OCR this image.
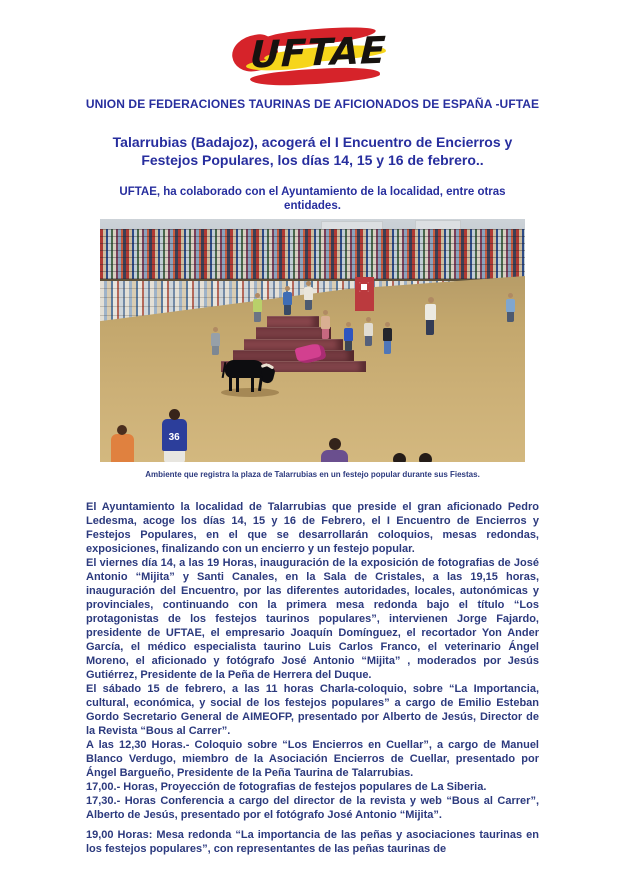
UFTAE
UNION DE FEDERACIONES TAURINAS DE AFICIONADOS DE ESPAÑA -UFTAE
Talarrubias (Badajoz), acogerá el I Encuentro de Encierros y Festejos Populares, los días 14, 15 y 16 de febrero..
UFTAE, ha colaborado con el Ayuntamiento de la localidad, entre otras entidades.
36
Ambiente que registra la plaza de Talarrubias en un festejo popular durante sus Fiestas.

El Ayuntamiento la localidad de Talarrubias que preside el gran aficionado Pedro Ledesma, acoge los días 14, 15 y 16 de Febrero, el I Encuentro de Encierros y Festejos Populares, en el que se desarrollarán coloquios, mesas redondas, exposiciones, finalizando con un encierro y un festejo popular.

El viernes día 14, a las 19 Horas, inauguración de la exposición de fotografias de José Antonio “Mijita” y Santi Canales, en la Sala de Cristales, a las 19,15 horas, inauguración del Encuentro, por las diferentes autoridades, locales, autonómicas y provinciales, continuando con la primera mesa redonda bajo el título “Los protagonistas de los festejos taurinos populares”, intervienen Jorge Fajardo, presidente de UFTAE, el empresario Joaquín Domínguez, el recortador Yon Ander García, el médico especialista taurino Luis Carlos Franco, el veterinario Ángel Moreno, el aficionado y fotógrafo José Antonio “Mijita” , moderados por Jesús Gutiérrez, Presidente de la Peña de Herrera del Duque.

El sábado 15 de febrero, a las 11 horas Charla-coloquio, sobre “La Importancia, cultural, económica, y social de los festejos populares” a cargo de Emilio Esteban Gordo Secretario General de AIMEOFP, presentado por Alberto de Jesús, Director de la Revista “Bous al Carrer”.

A las 12,30 Horas.- Coloquio sobre “Los Encierros en Cuellar”, a cargo de Manuel Blanco Verdugo, miembro de la Asociación Encierros de Cuellar, presentado por Ángel Bargueño, Presidente de la Peña Taurina de Talarrubias.

17,00.- Horas, Proyección de fotografias de festejos populares de La Siberia.

17,30.- Horas Conferencia a cargo del director de la revista y web “Bous al Carrer”, Alberto de Jesús, presentado por el fotógrafo José Antonio “Mijita”.

19,00 Horas: Mesa redonda “La importancia de las peñas y asociaciones taurinas en los festejos populares”, con representantes de las peñas taurinas de
